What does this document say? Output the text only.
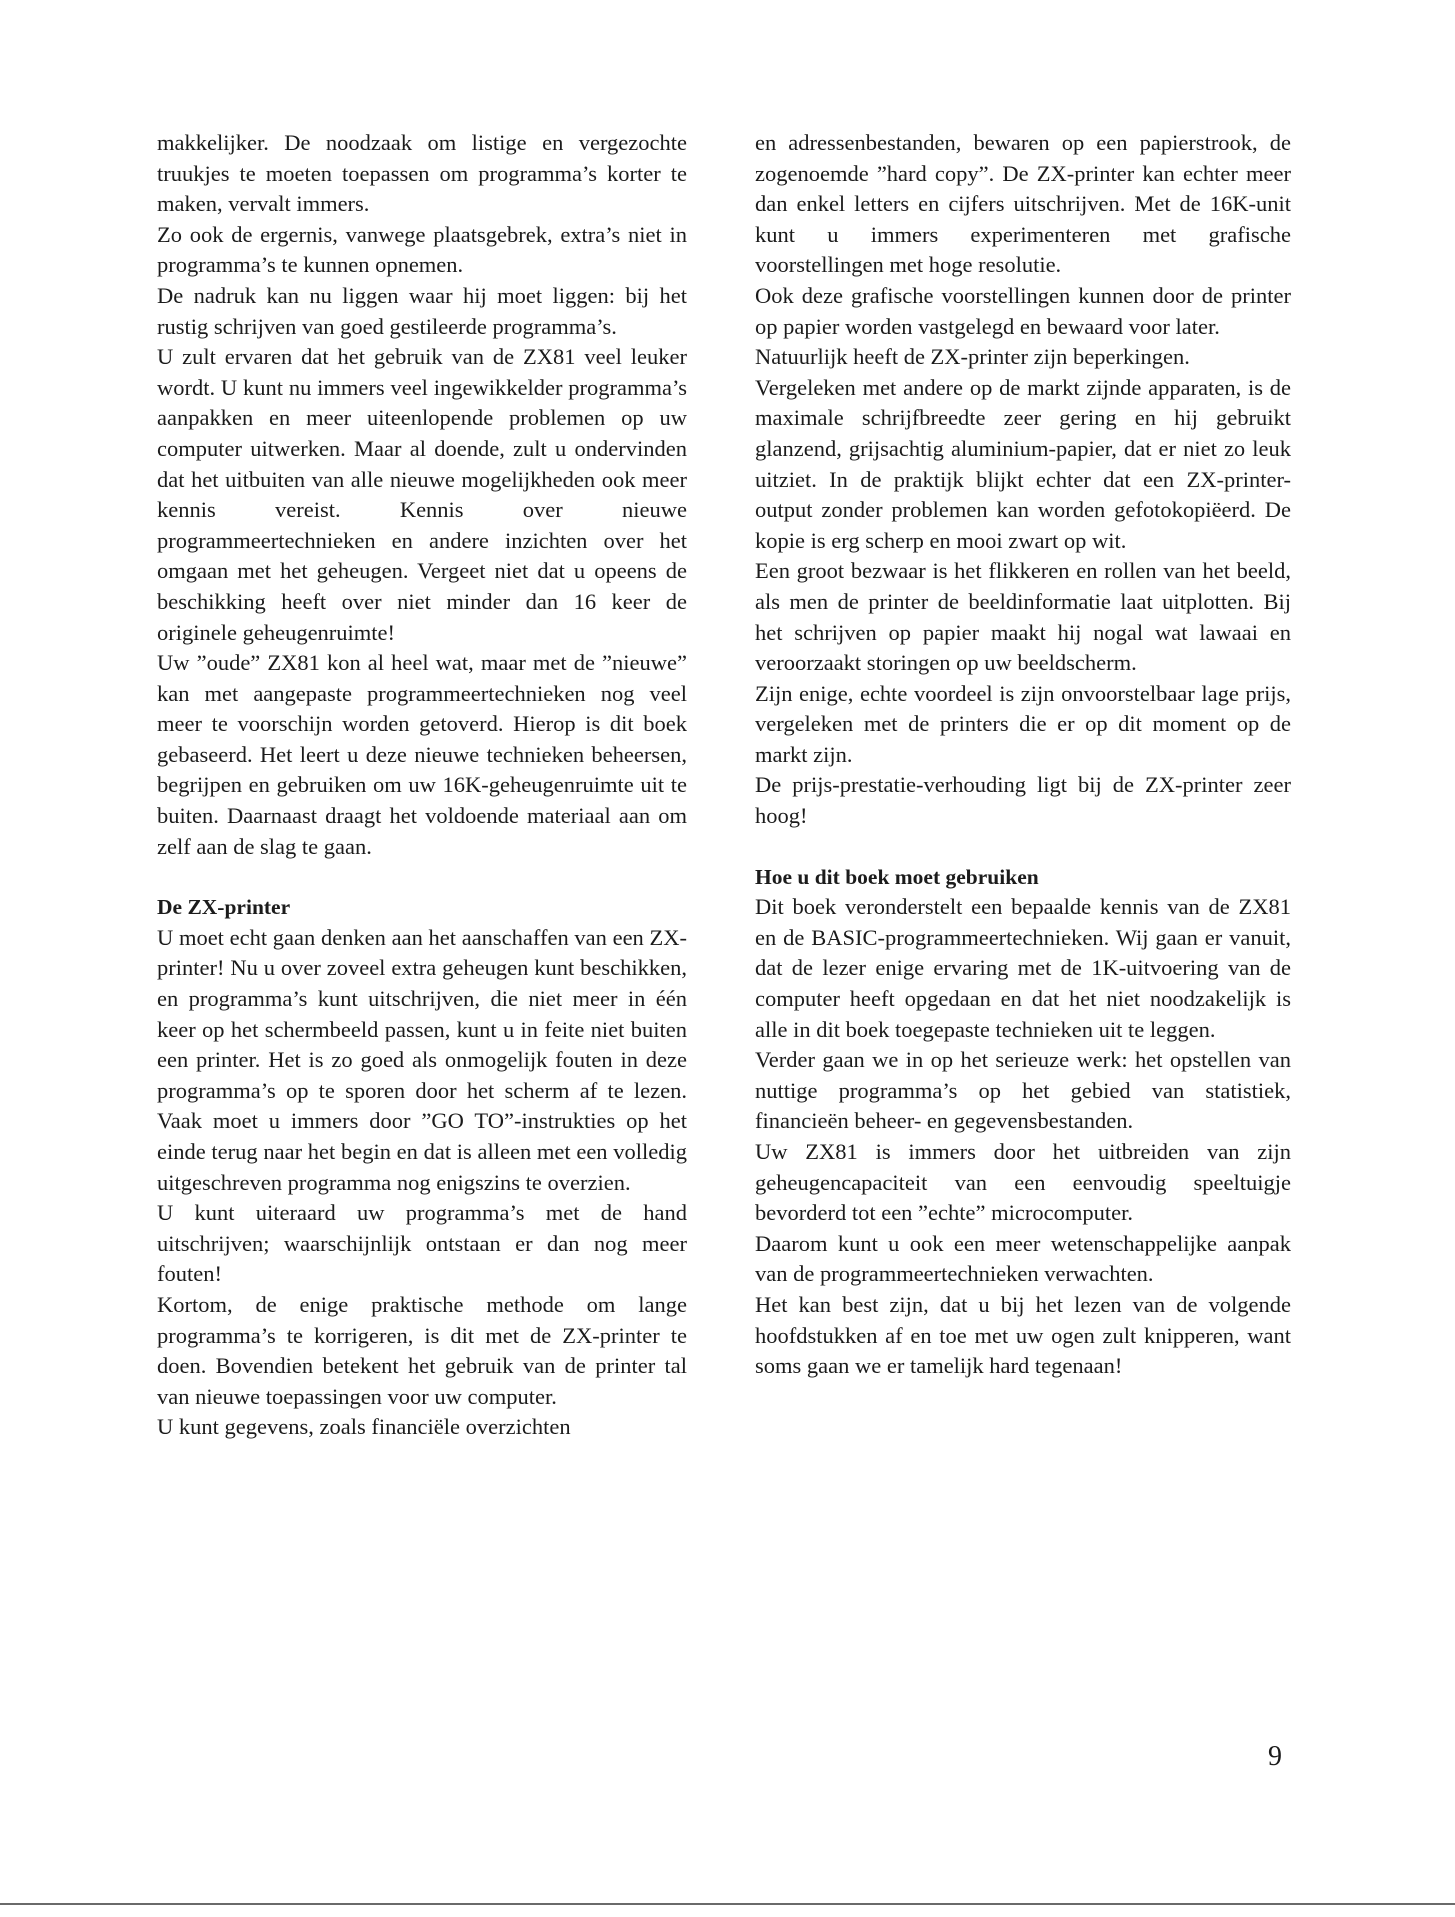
makkelijker. De noodzaak om listige en vergezochte truukjes te moeten toepassen om programma’s korter te maken, vervalt immers.

Zo ook de ergernis, vanwege plaatsgebrek, extra’s niet in programma’s te kunnen opnemen.

De nadruk kan nu liggen waar hij moet liggen: bij het rustig schrijven van goed gestileerde programma’s.

U zult ervaren dat het gebruik van de ZX81 veel leuker wordt. U kunt nu immers veel ingewikkelder programma’s aanpakken en meer uiteenlopende problemen op uw computer uitwerken. Maar al doende, zult u ondervinden dat het uitbuiten van alle nieuwe mogelijkheden ook meer kennis vereist. Kennis over nieuwe programmeertechnieken en andere inzichten over het omgaan met het geheugen. Vergeet niet dat u opeens de beschikking heeft over niet minder dan 16 keer de originele geheugenruimte!

Uw ”oude” ZX81 kon al heel wat, maar met de ”nieuwe” kan met aangepaste programmeertechnieken nog veel meer te voorschijn worden getoverd. Hierop is dit boek gebaseerd. Het leert u deze nieuwe technieken beheersen, begrijpen en gebruiken om uw 16K-geheugenruimte uit te buiten. Daarnaast draagt het voldoende materiaal aan om zelf aan de slag te gaan.

De ZX-printer

U moet echt gaan denken aan het aanschaffen van een ZX-printer! Nu u over zoveel extra geheugen kunt beschikken, en programma’s kunt uitschrijven, die niet meer in één keer op het schermbeeld passen, kunt u in feite niet buiten een printer. Het is zo goed als onmogelijk fouten in deze programma’s op te sporen door het scherm af te lezen. Vaak moet u immers door ”GO TO”-instrukties op het einde terug naar het begin en dat is alleen met een volledig uitgeschreven programma nog enigszins te overzien.

U kunt uiteraard uw programma’s met de hand uitschrijven; waarschijnlijk ontstaan er dan nog meer fouten!

Kortom, de enige praktische methode om lange programma’s te korrigeren, is dit met de ZX-printer te doen. Bovendien betekent het gebruik van de printer tal van nieuwe toepassingen voor uw computer.

U kunt gegevens, zoals financiële overzichten

en adressenbestanden, bewaren op een papierstrook, de zogenoemde ”hard copy”. De ZX-printer kan echter meer dan enkel letters en cijfers uitschrijven. Met de 16K-unit kunt u immers experimenteren met grafische voorstellingen met hoge resolutie.

Ook deze grafische voorstellingen kunnen door de printer op papier worden vastgelegd en bewaard voor later.

Natuurlijk heeft de ZX-printer zijn beperkingen.

Vergeleken met andere op de markt zijnde apparaten, is de maximale schrijfbreedte zeer gering en hij gebruikt glanzend, grijsachtig aluminium-papier, dat er niet zo leuk uitziet. In de praktijk blijkt echter dat een ZX-printer-output zonder problemen kan worden gefotokopiëerd. De kopie is erg scherp en mooi zwart op wit.

Een groot bezwaar is het flikkeren en rollen van het beeld, als men de printer de beeldinformatie laat uitplotten. Bij het schrijven op papier maakt hij nogal wat lawaai en veroorzaakt storingen op uw beeldscherm.

Zijn enige, echte voordeel is zijn onvoorstelbaar lage prijs, vergeleken met de printers die er op dit moment op de markt zijn.

De prijs-prestatie-verhouding ligt bij de ZX-printer zeer hoog!

Hoe u dit boek moet gebruiken

Dit boek veronderstelt een bepaalde kennis van de ZX81 en de BASIC-programmeertechnieken. Wij gaan er vanuit, dat de lezer enige ervaring met de 1K-uitvoering van de computer heeft opgedaan en dat het niet noodzakelijk is alle in dit boek toegepaste technieken uit te leggen.

Verder gaan we in op het serieuze werk: het opstellen van nuttige programma’s op het gebied van statistiek, financieën beheer- en gegevensbestanden.

Uw ZX81 is immers door het uitbreiden van zijn geheugencapaciteit van een eenvoudig speeltuigje bevorderd tot een ”echte” microcomputer.

Daarom kunt u ook een meer wetenschappelijke aanpak van de programmeertechnieken verwachten.

Het kan best zijn, dat u bij het lezen van de volgende hoofdstukken af en toe met uw ogen zult knipperen, want soms gaan we er tamelijk hard tegenaan!

9
